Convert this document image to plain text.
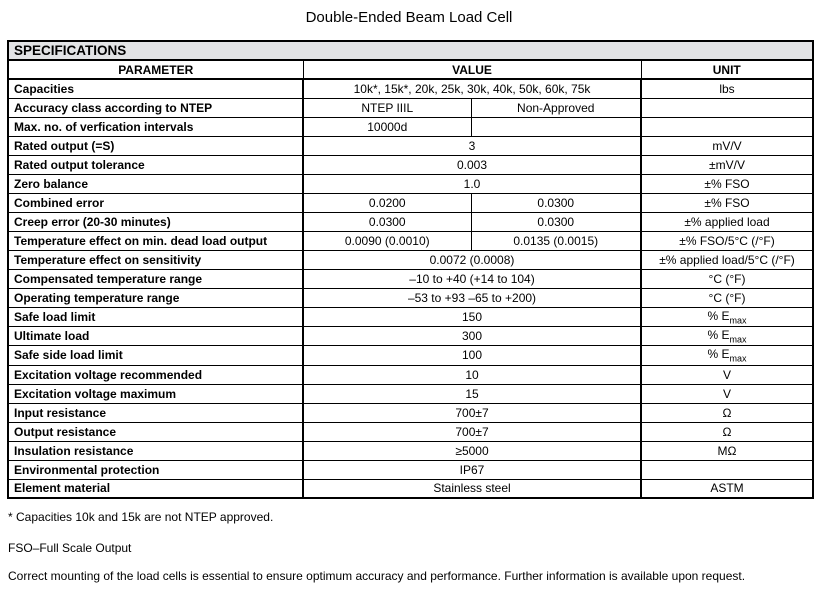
Double-Ended Beam Load Cell
SPECIFICATIONS			
PARAMETER	VALUE		UNIT
Capacities	10k*, 15k*, 20k, 25k, 30k, 40k, 50k, 60k, 75k		lbs
Accuracy class according to NTEP	NTEP IIIL	Non-Approved	
Max. no. of verfication intervals	10000d		
Rated output (=S)	3		mV/V
Rated output tolerance	0.003		±mV/V
Zero balance	1.0		±% FSO
Combined error	0.0200	0.0300	±% FSO
Creep error (20-30 minutes)	0.0300	0.0300	±% applied load
Temperature effect on min. dead load output	0.0090 (0.0010)	0.0135 (0.0015)	±% FSO/5°C (/°F)
Temperature effect on sensitivity	0.0072 (0.0008)		±% applied load/5°C (/°F)
Compensated temperature range	–10 to +40 (+14 to 104)		°C (°F)
Operating temperature range	–53 to +93 –65 to +200)		°C (°F)
Safe load limit	150		% $E_{max}$
Ultimate load	300		% $E_{max}$
Safe side load limit	100		% $E_{max}$
Excitation voltage recommended	10		V
Excitation voltage maximum	15		V
Input resistance	700±7		Ω
Output resistance	700±7		Ω
Insulation resistance	≥5000		MΩ
Environmental protection	IP67		
Element material	Stainless steel		ASTM

* Capacities 10k and 15k are not NTEP approved.

FSO–Full Scale Output

Correct mounting of the load cells is essential to ensure optimum accuracy and performance. Further information is available upon request.
